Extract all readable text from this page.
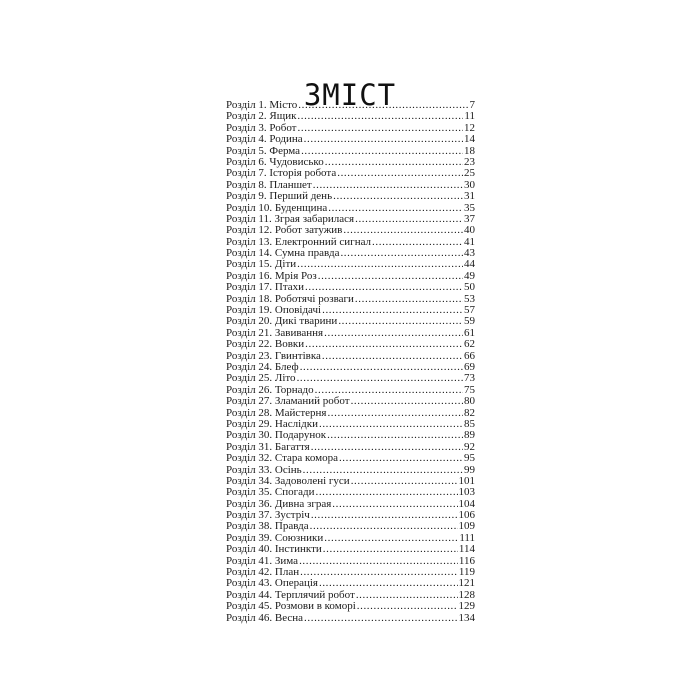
ЗМІСТ
Розділ 1. Місто .....	7
Розділ 2. Ящик .....	11
Розділ 3. Робот .....	12
Розділ 4. Родина .....	14
Розділ 5. Ферма .....	18
Розділ 6. Чудовисько .....	23
Розділ 7. Історія робота .....	25
Розділ 8. Планшет .....	30
Розділ 9. Перший день .....	31
Розділ 10. Буденщина .....	35
Розділ 11. Зграя забарилася .....	37
Розділ 12. Робот затужив .....	40
Розділ 13. Електронний сигнал .....	41
Розділ 14. Сумна правда .....	43
Розділ 15. Діти .....	44
Розділ 16. Мрія Роз .....	49
Розділ 17. Птахи .....	50
Розділ 18. Роботячі розваги .....	53
Розділ 19. Оповідачі .....	57
Розділ 20. Дикі тварини .....	59
Розділ 21. Завивання .....	61
Розділ 22. Вовки .....	62
Розділ 23. Гвинтівка .....	66
Розділ 24. Блеф .....	69
Розділ 25. Літо .....	73
Розділ 26. Торнадо .....	75
Розділ 27. Зламаний робот .....	80
Розділ 28. Майстерня .....	82
Розділ 29. Наслідки .....	85
Розділ 30. Подарунок .....	89
Розділ 31. Багаття .....	92
Розділ 32. Стара комора .....	95
Розділ 33. Осінь .....	99
Розділ 34. Задоволені гуси .....	101
Розділ 35. Спогади .....	103
Розділ 36. Дивна зграя .....	104
Розділ 37. Зустріч .....	106
Розділ 38. Правда .....	109
Розділ 39. Союзники .....	111
Розділ 40. Інстинкти .....	114
Розділ 41. Зима .....	116
Розділ 42. План .....	119
Розділ 43. Операція .....	121
Розділ 44. Терплячий робот .....	128
Розділ 45. Розмови в коморі .....	129
Розділ 46. Весна .....	134
